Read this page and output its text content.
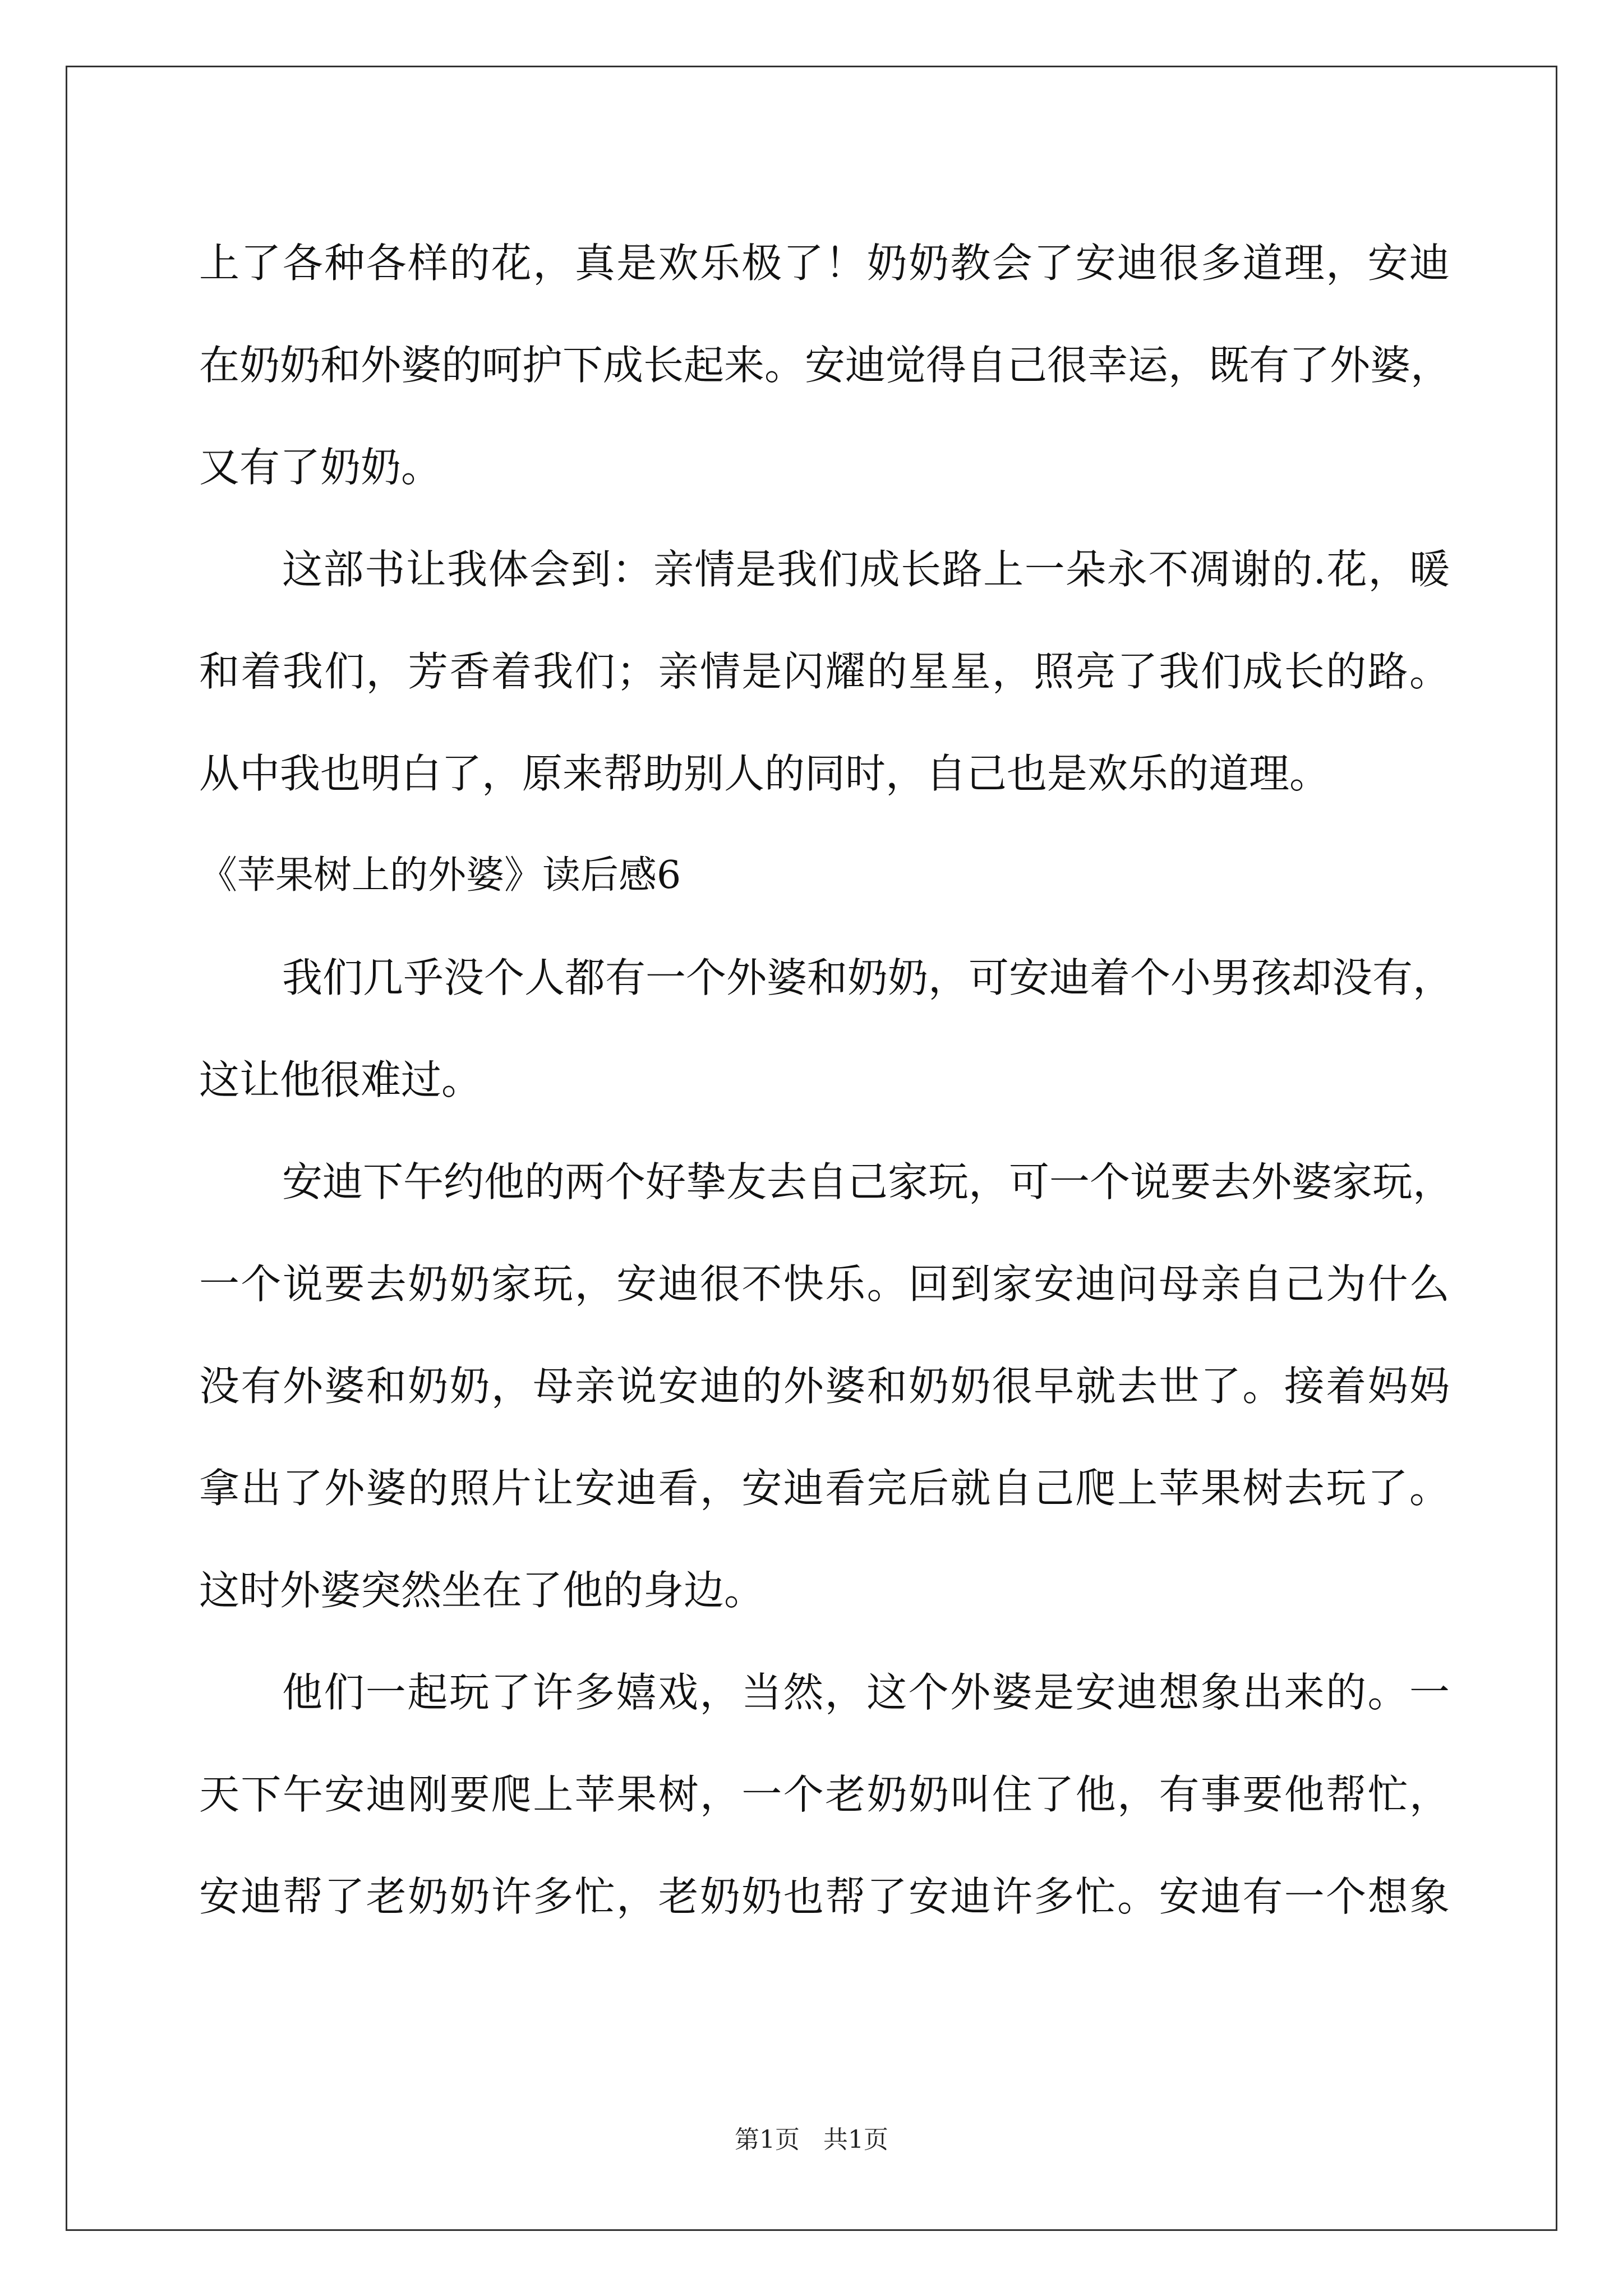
上了各种各样的花，真是欢乐极了！奶奶教会了安迪很多道理，安迪
在奶奶和外婆的呵护下成长起来。安迪觉得自己很幸运，既有了外婆，
又有了奶奶。
这部书让我体会到：亲情是我们成长路上一朵永不凋谢的.花，暖
和着我们，芳香着我们；亲情是闪耀的星星，照亮了我们成长的路。
从中我也明白了，原来帮助别人的同时，自己也是欢乐的道理。
《苹果树上的外婆》读后感6
我们几乎没个人都有一个外婆和奶奶，可安迪着个小男孩却没有，
这让他很难过。
安迪下午约他的两个好挚友去自己家玩，可一个说要去外婆家玩，
一个说要去奶奶家玩，安迪很不快乐。回到家安迪问母亲自己为什么
没有外婆和奶奶，母亲说安迪的外婆和奶奶很早就去世了。接着妈妈
拿出了外婆的照片让安迪看，安迪看完后就自己爬上苹果树去玩了。
这时外婆突然坐在了他的身边。
他们一起玩了许多嬉戏，当然，这个外婆是安迪想象出来的。一
天下午安迪刚要爬上苹果树，一个老奶奶叫住了他，有事要他帮忙，
安迪帮了老奶奶许多忙，老奶奶也帮了安迪许多忙。安迪有一个想象
第1页 共1页
